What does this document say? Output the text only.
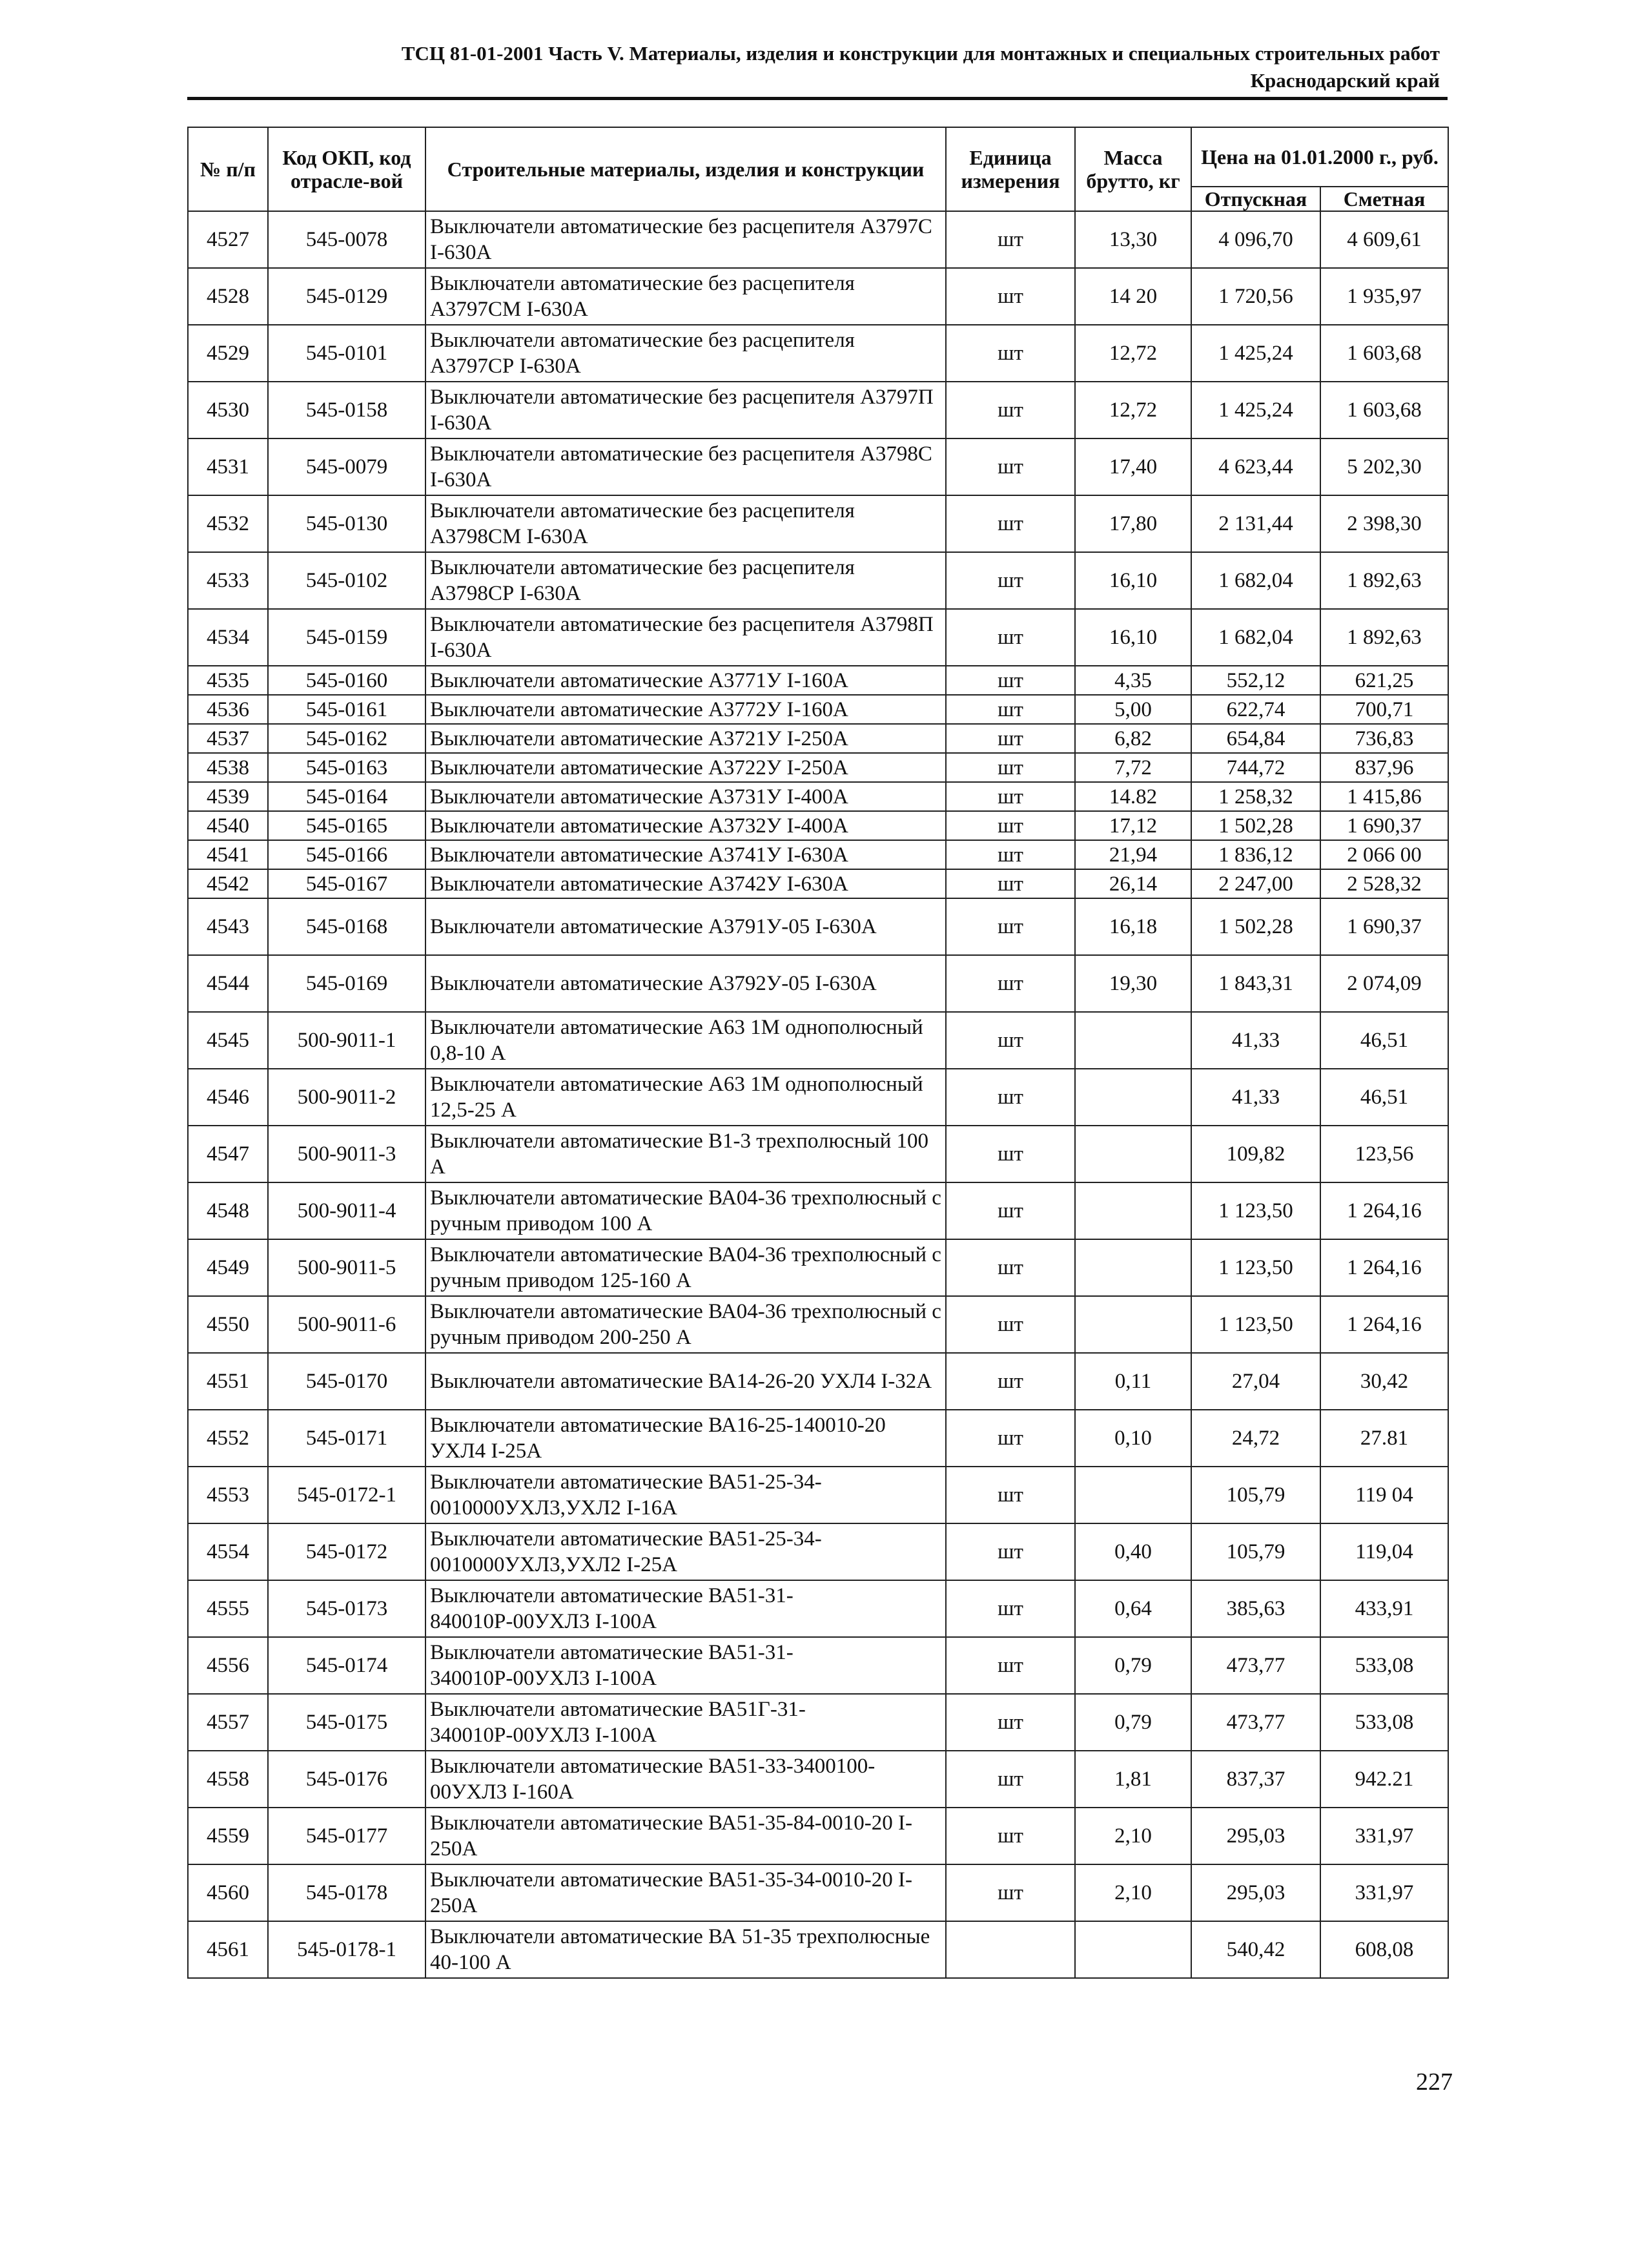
ТСЦ 81-01-2001 Часть V. Материалы, изделия и конструкции для монтажных и специальных строительных работ
Краснодарский край
№ п/п	Код ОКП, код отрасле-вой	Строительные материалы, изделия и конструкции	Единица измерения	Масса брутто, кг	Цена на 01.01.2000 г., руб.	
					Отпускная	Сметная
4527	545-0078	Выключатели автоматические без расцепителя А3797С I-630А	шт	13,30	4 096,70	4 609,61
4528	545-0129	Выключатели автоматические без расцепителя А3797СМ I-630А	шт	14 20	1 720,56	1 935,97
4529	545-0101	Выключатели автоматические без расцепителя А3797СР I-630А	шт	12,72	1 425,24	1 603,68
4530	545-0158	Выключатели автоматические без расцепителя А3797П I-630А	шт	12,72	1 425,24	1 603,68
4531	545-0079	Выключатели автоматические без расцепителя А3798С I-630А	шт	17,40	4 623,44	5 202,30
4532	545-0130	Выключатели автоматические без расцепителя А3798СМ I-630А	шт	17,80	2 131,44	2 398,30
4533	545-0102	Выключатели автоматические без расцепителя А3798СР I-630А	шт	16,10	1 682,04	1 892,63
4534	545-0159	Выключатели автоматические без расцепителя А3798П I-630А	шт	16,10	1 682,04	1 892,63
4535	545-0160	Выключатели автоматические А3771У I-160А	шт	4,35	552,12	621,25
4536	545-0161	Выключатели автоматические А3772У I-160А	шт	5,00	622,74	700,71
4537	545-0162	Выключатели автоматические А3721У I-250А	шт	6,82	654,84	736,83
4538	545-0163	Выключатели автоматические А3722У I-250А	шт	7,72	744,72	837,96
4539	545-0164	Выключатели автоматические А3731У I-400А	шт	14.82	1 258,32	1 415,86
4540	545-0165	Выключатели автоматические А3732У I-400А	шт	17,12	1 502,28	1 690,37
4541	545-0166	Выключатели автоматические А3741У I-630А	шт	21,94	1 836,12	2 066 00
4542	545-0167	Выключатели автоматические А3742У I-630А	шт	26,14	2 247,00	2 528,32
4543	545-0168	Выключатели автоматические А3791У-05 I-630А	шт	16,18	1 502,28	1 690,37
4544	545-0169	Выключатели автоматические А3792У-05 I-630А	шт	19,30	1 843,31	2 074,09
4545	500-9011-1	Выключатели автоматические А63 1М однополюсный 0,8-10 А	шт		41,33	46,51
4546	500-9011-2	Выключатели автоматические А63 1М однополюсный 12,5-25 А	шт		41,33	46,51
4547	500-9011-3	Выключатели автоматические В1-3 трехполюсный 100 А	шт		109,82	123,56
4548	500-9011-4	Выключатели автоматические ВА04-36 трехполюсный с ручным приводом 100 А	шт		1 123,50	1 264,16
4549	500-9011-5	Выключатели автоматические ВА04-36 трехполюсный с ручным приводом 125-160 А	шт		1 123,50	1 264,16
4550	500-9011-6	Выключатели автоматические ВА04-36 трехполюсный с ручным приводом 200-250 А	шт		1 123,50	1 264,16
4551	545-0170	Выключатели автоматические ВА14-26-20 УХЛ4 I-32А	шт	0,11	27,04	30,42
4552	545-0171	Выключатели автоматические ВА16-25-140010-20 УХЛ4 I-25А	шт	0,10	24,72	27.81
4553	545-0172-1	Выключатели автоматические ВА51-25-34-0010000УХЛ3,УХЛ2 I-16А	шт		105,79	119 04
4554	545-0172	Выключатели автоматические ВА51-25-34-0010000УХЛ3,УХЛ2 I-25А	шт	0,40	105,79	119,04
4555	545-0173	Выключатели автоматические ВА51-31-840010Р-00УХЛ3 I-100А	шт	0,64	385,63	433,91
4556	545-0174	Выключатели автоматические ВА51-31-340010Р-00УХЛ3 I-100А	шт	0,79	473,77	533,08
4557	545-0175	Выключатели автоматические ВА51Г-31-340010Р-00УХЛ3 I-100А	шт	0,79	473,77	533,08
4558	545-0176	Выключатели автоматические ВА51-33-3400100-00УХЛ3 I-160А	шт	1,81	837,37	942.21
4559	545-0177	Выключатели автоматические ВА51-35-84-0010-20 I-250А	шт	2,10	295,03	331,97
4560	545-0178	Выключатели автоматические ВА51-35-34-0010-20 I-250А	шт	2,10	295,03	331,97
4561	545-0178-1	Выключатели автоматические ВА 51-35 трехполюсные 40-100 А			540,42	608,08
227
